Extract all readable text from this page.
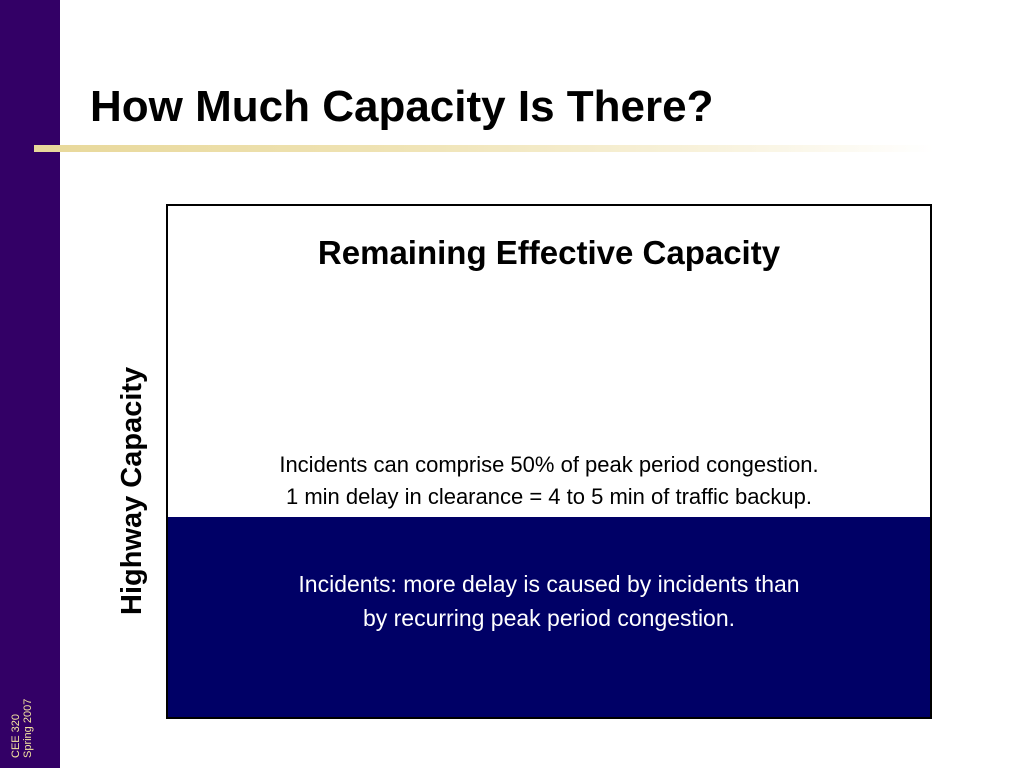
CEE 320 Spring 2007
How Much Capacity Is There?
Highway Capacity
Remaining Effective Capacity
Incidents can comprise 50% of peak period congestion.
1 min delay in clearance = 4 to 5 min of traffic backup.
Incidents: more delay is caused by incidents than
by recurring peak period congestion.
